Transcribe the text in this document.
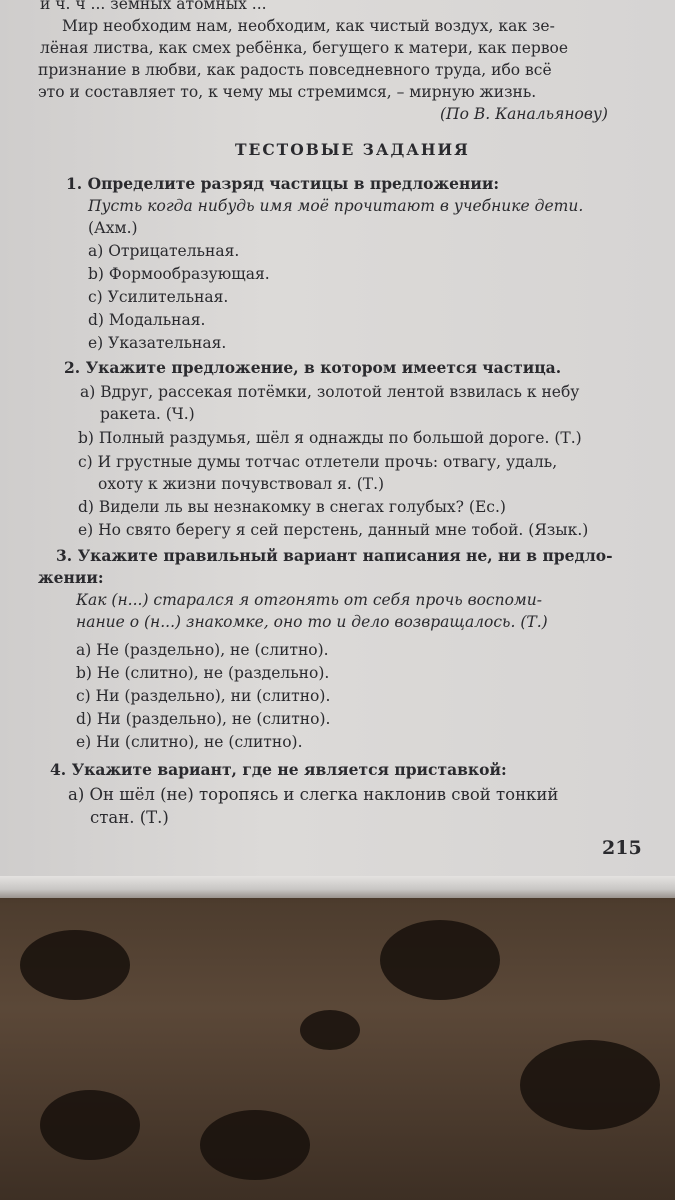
и ч. ч ... земных атомных ...
Мир необходим нам, необходим, как чистый воздух, как зе-
лёная листва, как смех ребёнка, бегущего к матери, как первое
признание в любви, как радость повседневного труда, ибо всё
это и составляет то, к чему мы стремимся, – мирную жизнь.
(По В. Канальянову)
ТЕСТОВЫЕ ЗАДАНИЯ
1. Определите разряд частицы в предложении:
Пусть когда нибудь имя моё прочитают в учебнике дети.
(Ахм.)
a) Отрицательная.
b) Формообразующая.
c) Усилительная.
d) Модальная.
e) Указательная.
2. Укажите предложение, в котором имеется частица.
a) Вдруг, рассекая потёмки, золотой лентой взвилась к небу
ракета. (Ч.)
b) Полный раздумья, шёл я однажды по большой дороге. (Т.)
c) И грустные думы тотчас отлетели прочь: отвагу, удаль,
охоту к жизни почувствовал я. (Т.)
d) Видели ль вы незнакомку в снегах голубых? (Ес.)
e) Но свято берегу я сей перстень, данный мне тобой. (Язык.)
3. Укажите правильный вариант написания не, ни в предло-
жении:
Как (н...) старался я отгонять от себя прочь воспоми-
нание о (н...) знакомке, оно то и дело возвращалось. (Т.)
a) Не (раздельно), не (слитно).
b) Не (слитно), не (раздельно).
c) Ни (раздельно), ни (слитно).
d) Ни (раздельно), не (слитно).
e) Ни (слитно), не (слитно).
4. Укажите вариант, где не является приставкой:
a) Он шёл (не) торопясь и слегка наклонив свой тонкий
стан. (Т.)
215
